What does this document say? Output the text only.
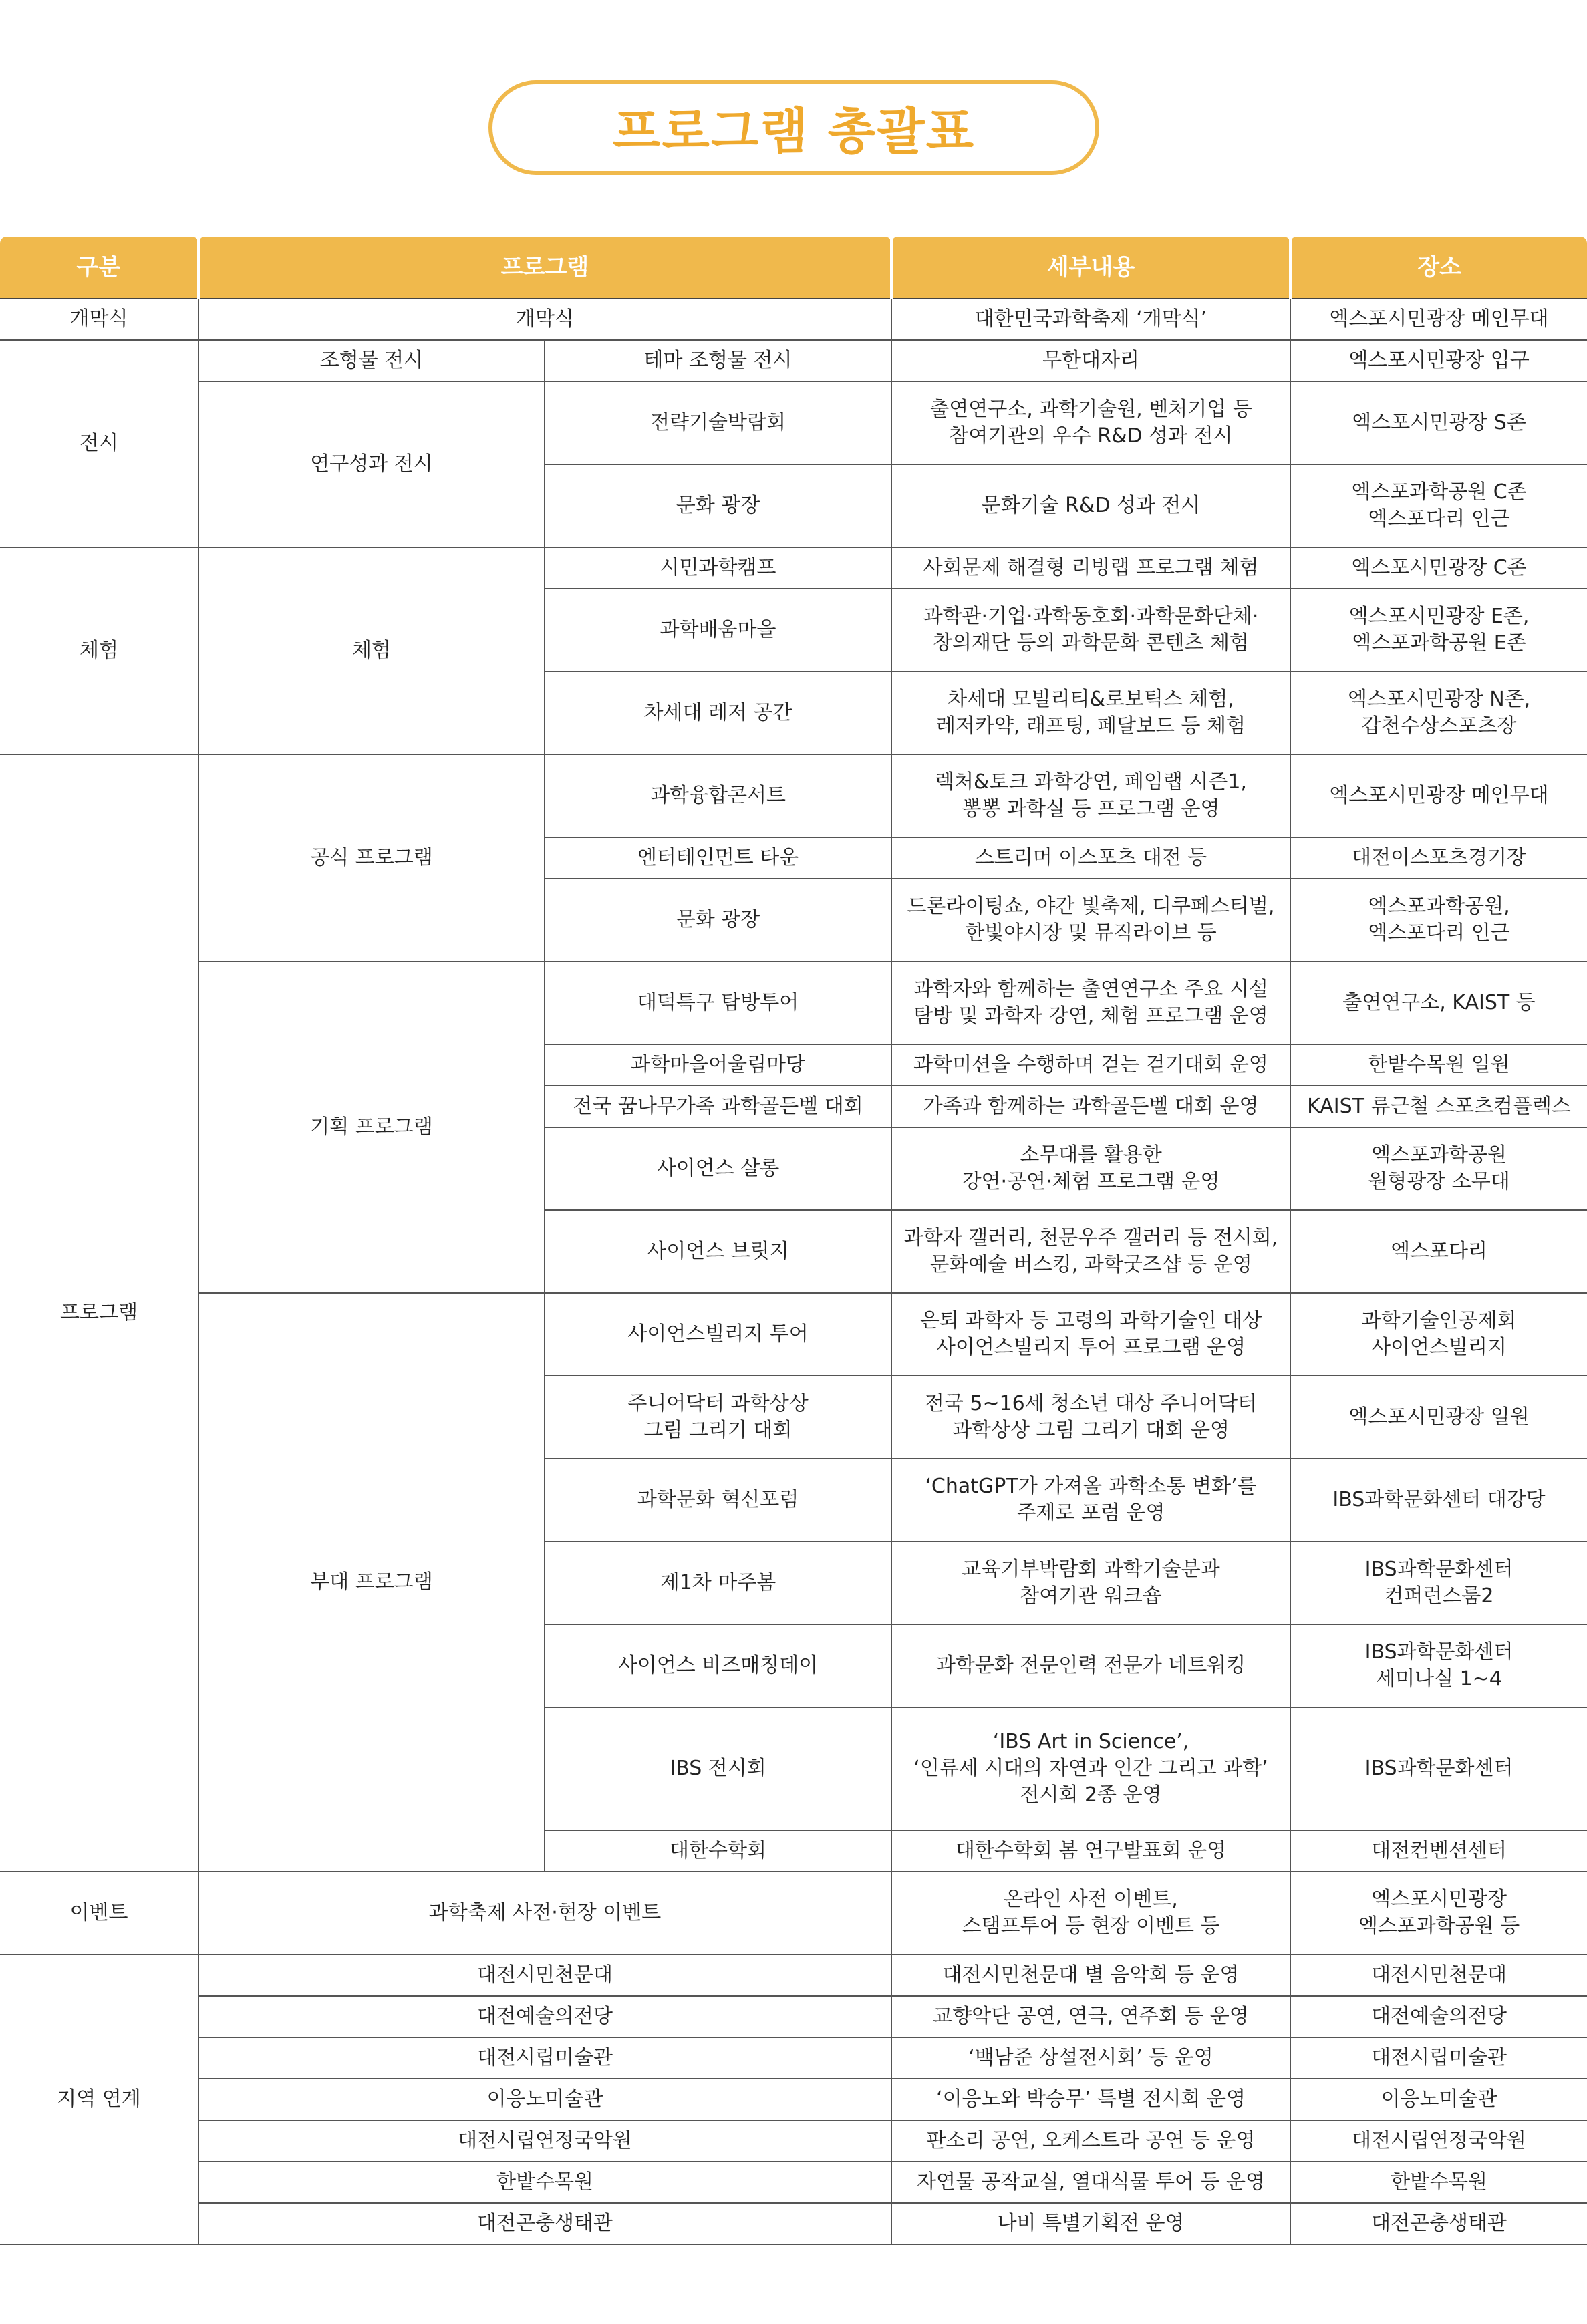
프로그램 총괄표
구분	프로그램		세부내용	장소
개막식	개막식		대한민국과학축제 ‘개막식’	엑스포시민광장 메인무대
전시	조형물 전시	테마 조형물 전시	무한대자리	엑스포시민광장 입구
	연구성과 전시	전략기술박람회	출연연구소, 과학기술원, 벤처기업 등
참여기관의 우수 R&D 성과 전시	엑스포시민광장 S존
		문화 광장	문화기술 R&D 성과 전시	엑스포과학공원 C존
엑스포다리 인근
체험	체험	시민과학캠프	사회문제 해결형 리빙랩 프로그램 체험	엑스포시민광장 C존
		과학배움마을	과학관·기업·과학동호회·과학문화단체·
창의재단 등의 과학문화 콘텐츠 체험	엑스포시민광장 E존,
엑스포과학공원 E존
		차세대 레저 공간	차세대 모빌리티&로보틱스 체험,
레저카약, 래프팅, 페달보드 등 체험	엑스포시민광장 N존,
갑천수상스포츠장
프로그램	공식 프로그램	과학융합콘서트	렉처&토크 과학강연, 페임랩 시즌1,
뽕뽕 과학실 등 프로그램 운영	엑스포시민광장 메인무대
		엔터테인먼트 타운	스트리머 이스포츠 대전 등	대전이스포츠경기장
		문화 광장	드론라이팅쇼, 야간 빛축제, 디쿠페스티벌,
한빛야시장 및 뮤직라이브 등	엑스포과학공원,
엑스포다리 인근
	기획 프로그램	대덕특구 탐방투어	과학자와 함께하는 출연연구소 주요 시설
탐방 및 과학자 강연, 체험 프로그램 운영	출연연구소, KAIST 등
		과학마을어울림마당	과학미션을 수행하며 걷는 걷기대회 운영	한밭수목원 일원
		전국 꿈나무가족 과학골든벨 대회	가족과 함께하는 과학골든벨 대회 운영	KAIST 류근철 스포츠컴플렉스
		사이언스 살롱	소무대를 활용한
강연·공연·체험 프로그램 운영	엑스포과학공원
원형광장 소무대
		사이언스 브릿지	과학자 갤러리, 천문우주 갤러리 등 전시회,
문화예술 버스킹, 과학굿즈샵 등 운영	엑스포다리
	부대 프로그램	사이언스빌리지 투어	은퇴 과학자 등 고령의 과학기술인 대상
사이언스빌리지 투어 프로그램 운영	과학기술인공제회
사이언스빌리지
		주니어닥터 과학상상
그림 그리기 대회	전국 5~16세 청소년 대상 주니어닥터
과학상상 그림 그리기 대회 운영	엑스포시민광장 일원
		과학문화 혁신포럼	‘ChatGPT가 가져올 과학소통 변화’를
주제로 포럼 운영	IBS과학문화센터 대강당
		제1차 마주봄	교육기부박람회 과학기술분과
참여기관 워크숍	IBS과학문화센터
컨퍼런스룸2
		사이언스 비즈매칭데이	과학문화 전문인력 전문가 네트워킹	IBS과학문화센터
세미나실 1~4
		IBS 전시회	‘IBS Art in Science’,
‘인류세 시대의 자연과 인간 그리고 과학’
전시회 2종 운영	IBS과학문화센터
		대한수학회	대한수학회 봄 연구발표회 운영	대전컨벤션센터
이벤트	과학축제 사전·현장 이벤트		온라인 사전 이벤트,
스탬프투어 등 현장 이벤트 등	엑스포시민광장
엑스포과학공원 등
지역 연계	대전시민천문대		대전시민천문대 별 음악회 등 운영	대전시민천문대
	대전예술의전당		교향악단 공연, 연극, 연주회 등 운영	대전예술의전당
	대전시립미술관		‘백남준 상설전시회’ 등 운영	대전시립미술관
	이응노미술관		‘이응노와 박승무’ 특별 전시회 운영	이응노미술관
	대전시립연정국악원		판소리 공연, 오케스트라 공연 등 운영	대전시립연정국악원
	한밭수목원		자연물 공작교실, 열대식물 투어 등 운영	한밭수목원
	대전곤충생태관		나비 특별기획전 운영	대전곤충생태관
